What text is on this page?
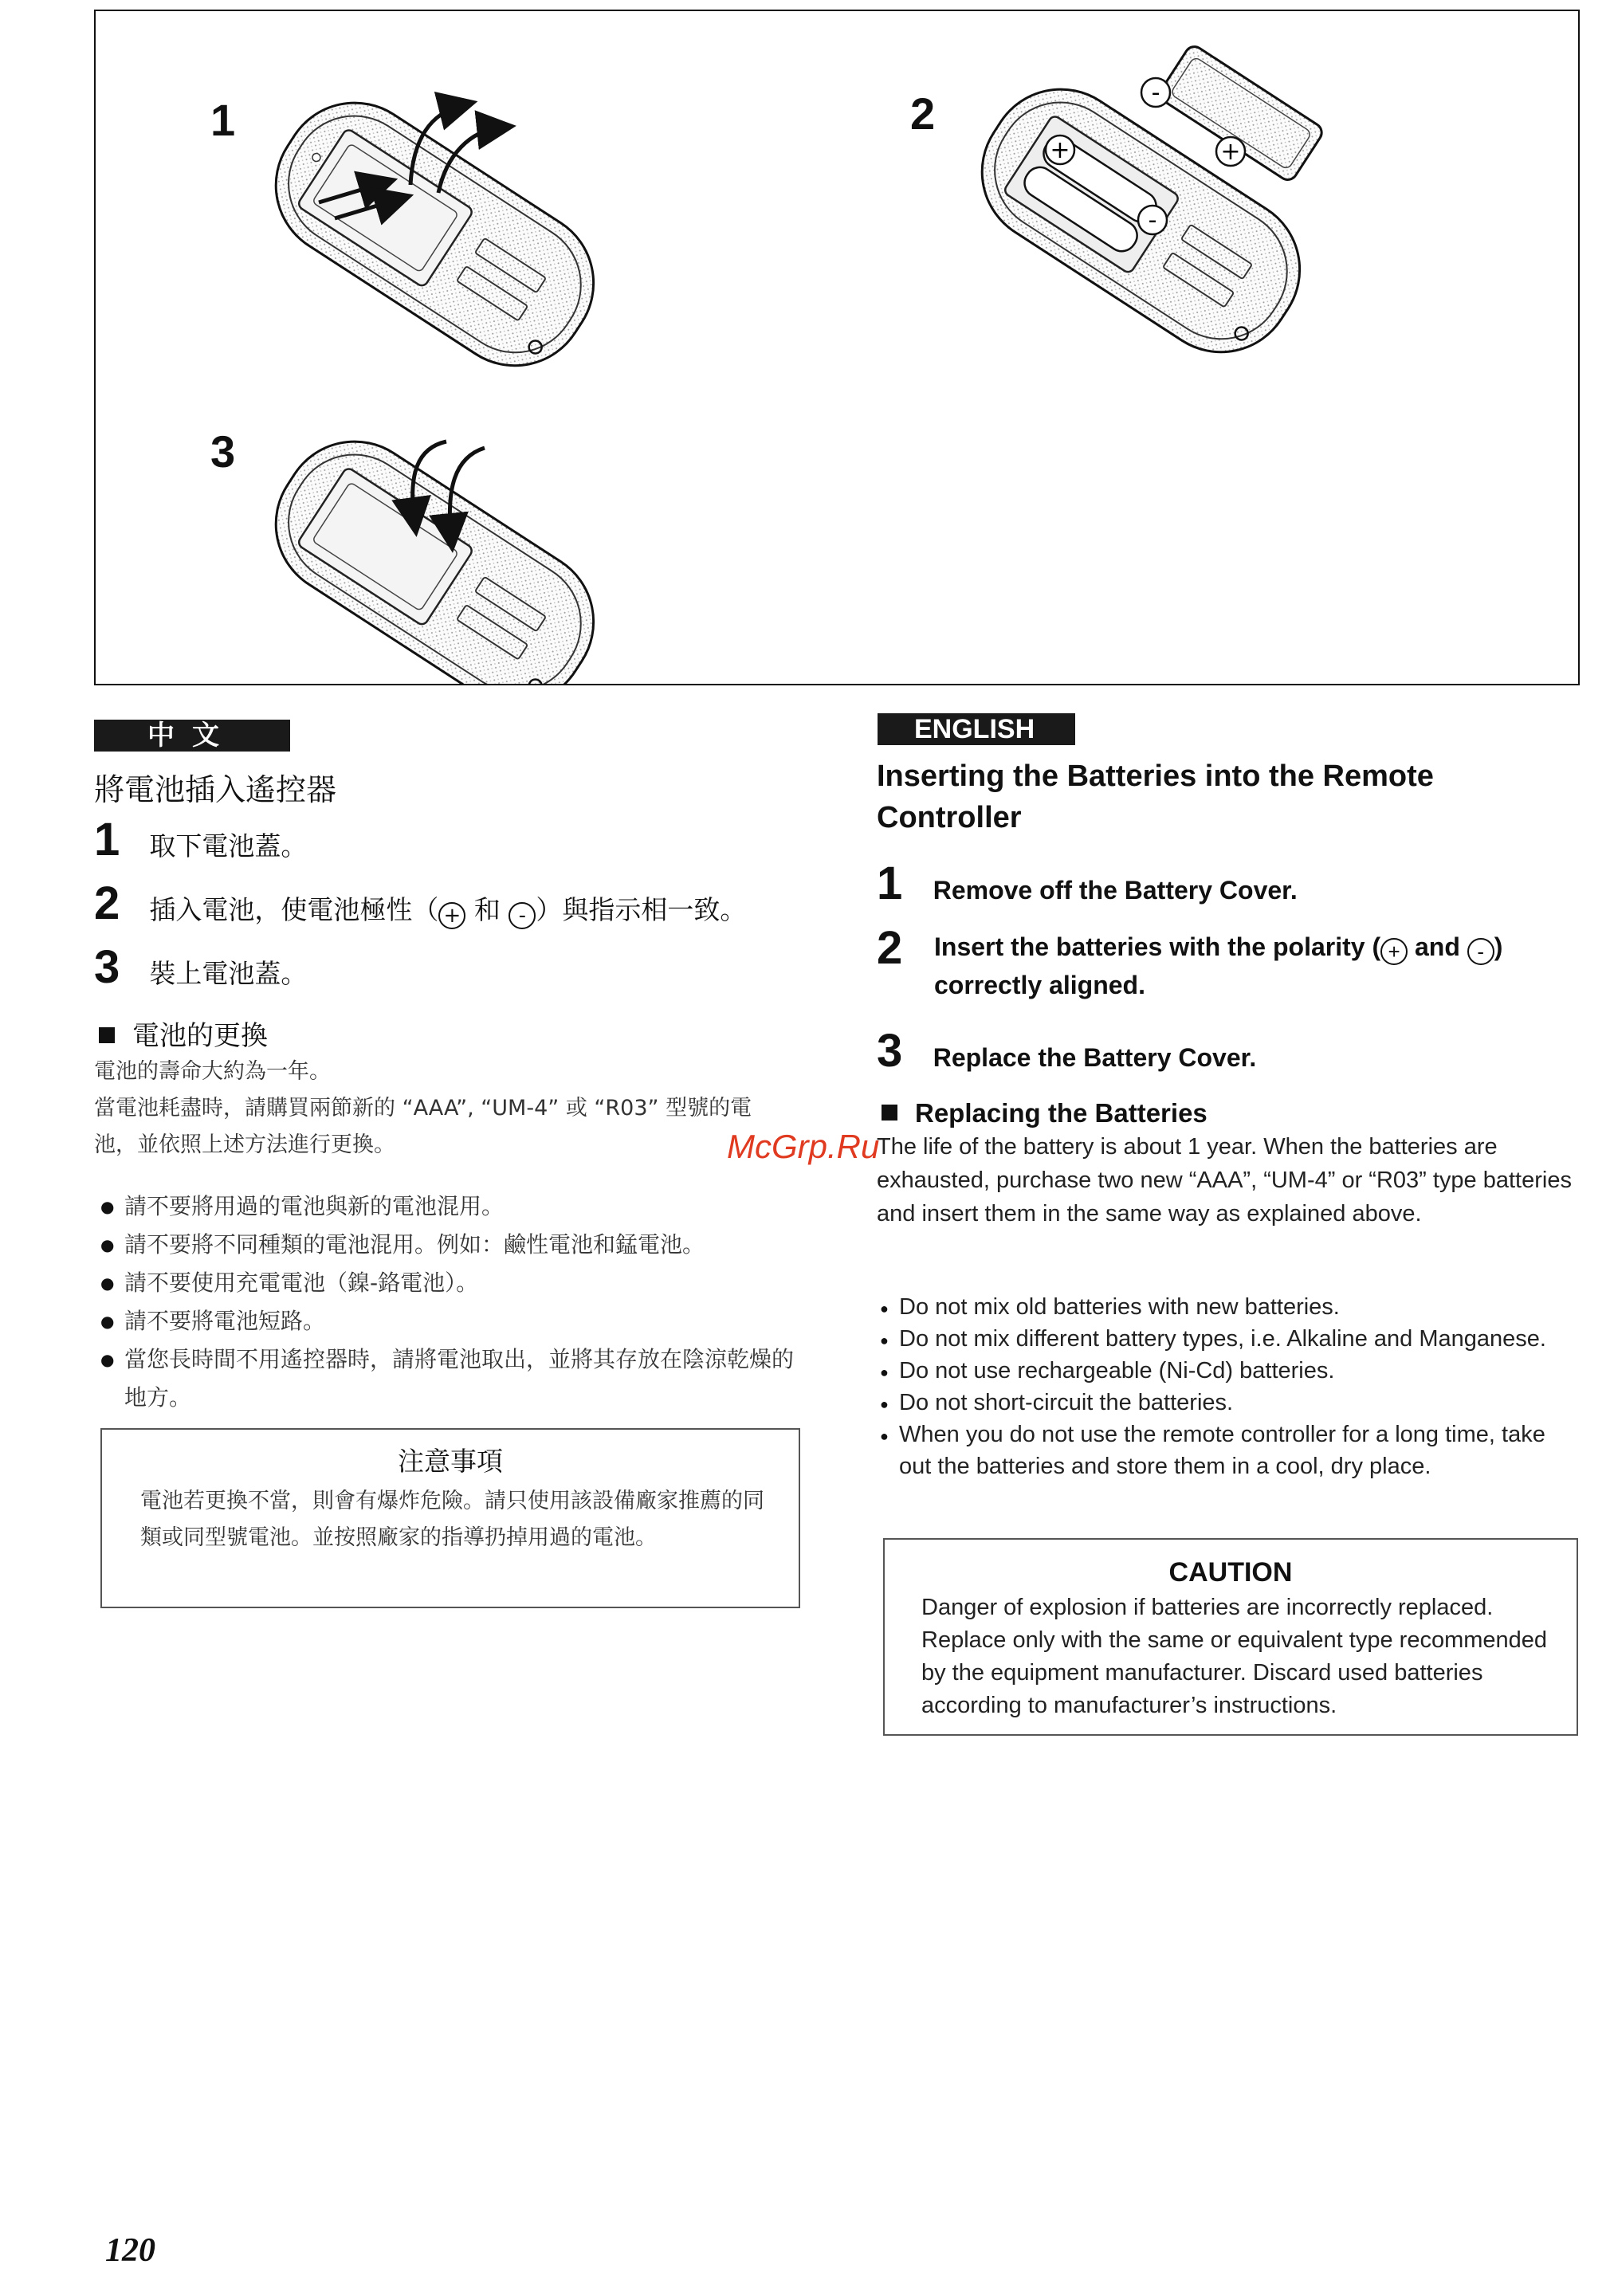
-
+	+
-
1	2
3
中文
將電池插入遙控器
1 取下電池蓋。
2 插入電池，使電池極性（ + 和 - ）與指示相一致。
3 裝上電池蓋。
電池的更換
電池的壽命大約為一年。
當電池耗盡時，請購買兩節新的 “AAA”, “UM-4” 或 “R03” 型號的電
池，並依照上述方法進行更換。
● 請不要將用過的電池與新的電池混用。
● 請不要將不同種類的電池混用。例如：鹼性電池和錳電池。
● 請不要使用充電電池（鎳-鉻電池）。
● 請不要將電池短路。
● 當您長時間不用遙控器時，請將電池取出，並將其存放在陰涼乾燥的地方。
注意事項
電池若更換不當，則會有爆炸危險。請只使用該設備廠家推薦的同類或同型號電池。並按照廠家的指導扔掉用過的電池。
ENGLISH
Inserting the Batteries into the Remote Controller
1 Remove off the Battery Cover.
2 Insert the batteries with the polarity ( + and - ) correctly aligned.
3 Replace the Battery Cover.
Replacing the Batteries
The life of the battery is about 1 year. When the batteries are exhausted, purchase two new “AAA”, “UM-4” or “R03” type batteries and insert them in the same way as explained above.
● Do not mix old batteries with new batteries.
● Do not mix different battery types, i.e. Alkaline and Manganese.
● Do not use rechargeable (Ni-Cd) batteries.
● Do not short-circuit the batteries.
● When you do not use the remote controller for a long time, take out the batteries and store them in a cool, dry place.
CAUTION
Danger of explosion if batteries are incorrectly replaced. Replace only with the same or equivalent type recommended by the equipment manufacturer. Discard used batteries according to manufacturer’s instructions.
McGrp.Ru
120
